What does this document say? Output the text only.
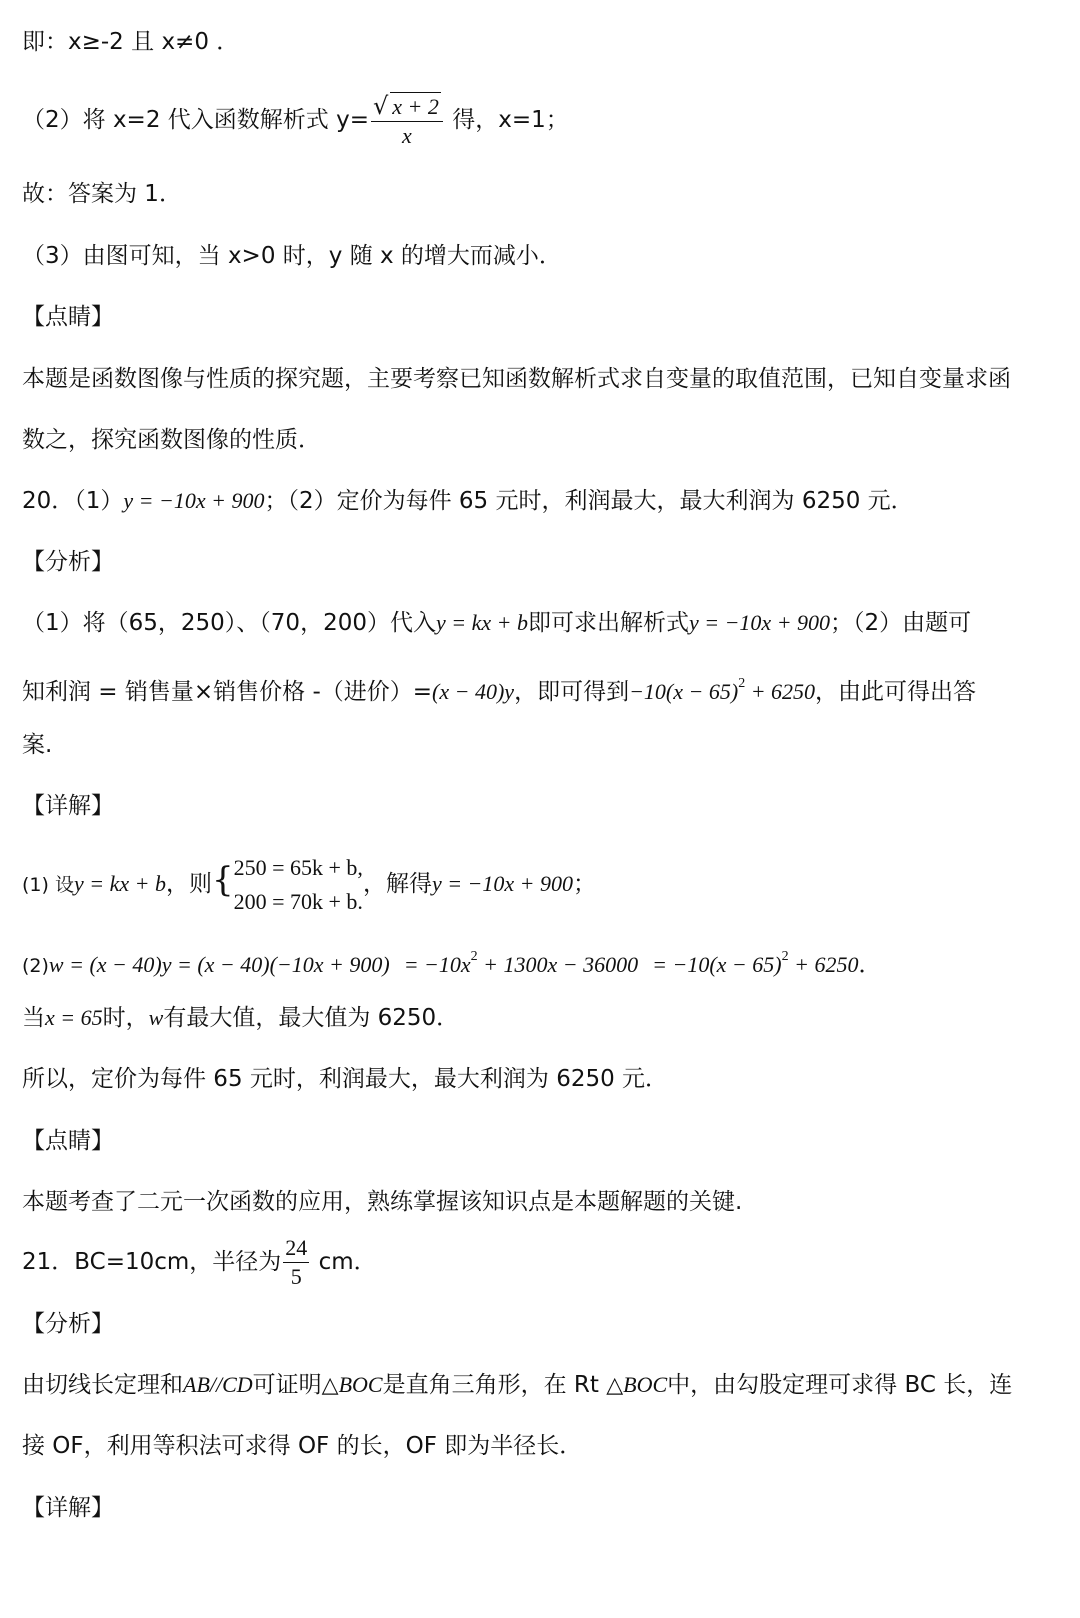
即：x≥-2 且 x≠0 ．
（2）将 x=2 代入函数解析式 $y= \frac{√ x + 2}{x}$ 得，x=1；
故：答案为 1．
（3）由图可知，当 x>0 时，y 随 x 的增大而减小．
【点睛】
本题是函数图像与性质的探究题，主要考察已知函数解析式求自变量的取值范围，已知自变量求函
数之，探究函数图像的性质．
20．（1）y = −10x + 900；（2）定价为每件 65 元时，利润最大，最大利润为 6250 元．
【分析】
（1）将（65，250）、（70，200）代入y = kx + b即可求出解析式y = −10x + 900；（2）由题可
知利润 = 销售量×销售价格 -（进价）=(x − 40)y，即可得到$-10(x - 65)^2 + 6250$，由此可得出答
案.
【详解】
(1) 设y = kx + b，则{ 250 = 65k + b,
200 = 70k + b.
，解得y = −10x + 900；
$(2)w = (x - 40)y = (x - 40)(-10x + 900) = -10x^2 + 1300x - 36000 = -10(x - 65)^2 + 6250$．
当x = 65时，w有最大值，最大值为 6250．
所以，定价为每件 65 元时，利润最大，最大利润为 6250 元．
【点睛】
本题考查了二元一次函数的应用，熟练掌握该知识点是本题解题的关键.
21．BC=10cm，半径为 $\frac{24}{5}$ cm．
【分析】
由切线长定理和AB//CD可证明△BOC是直角三角形，在 Rt △BOC中，由勾股定理可求得 BC 长，连
接 OF，利用等积法可求得 OF 的长，OF 即为半径长．
【详解】
